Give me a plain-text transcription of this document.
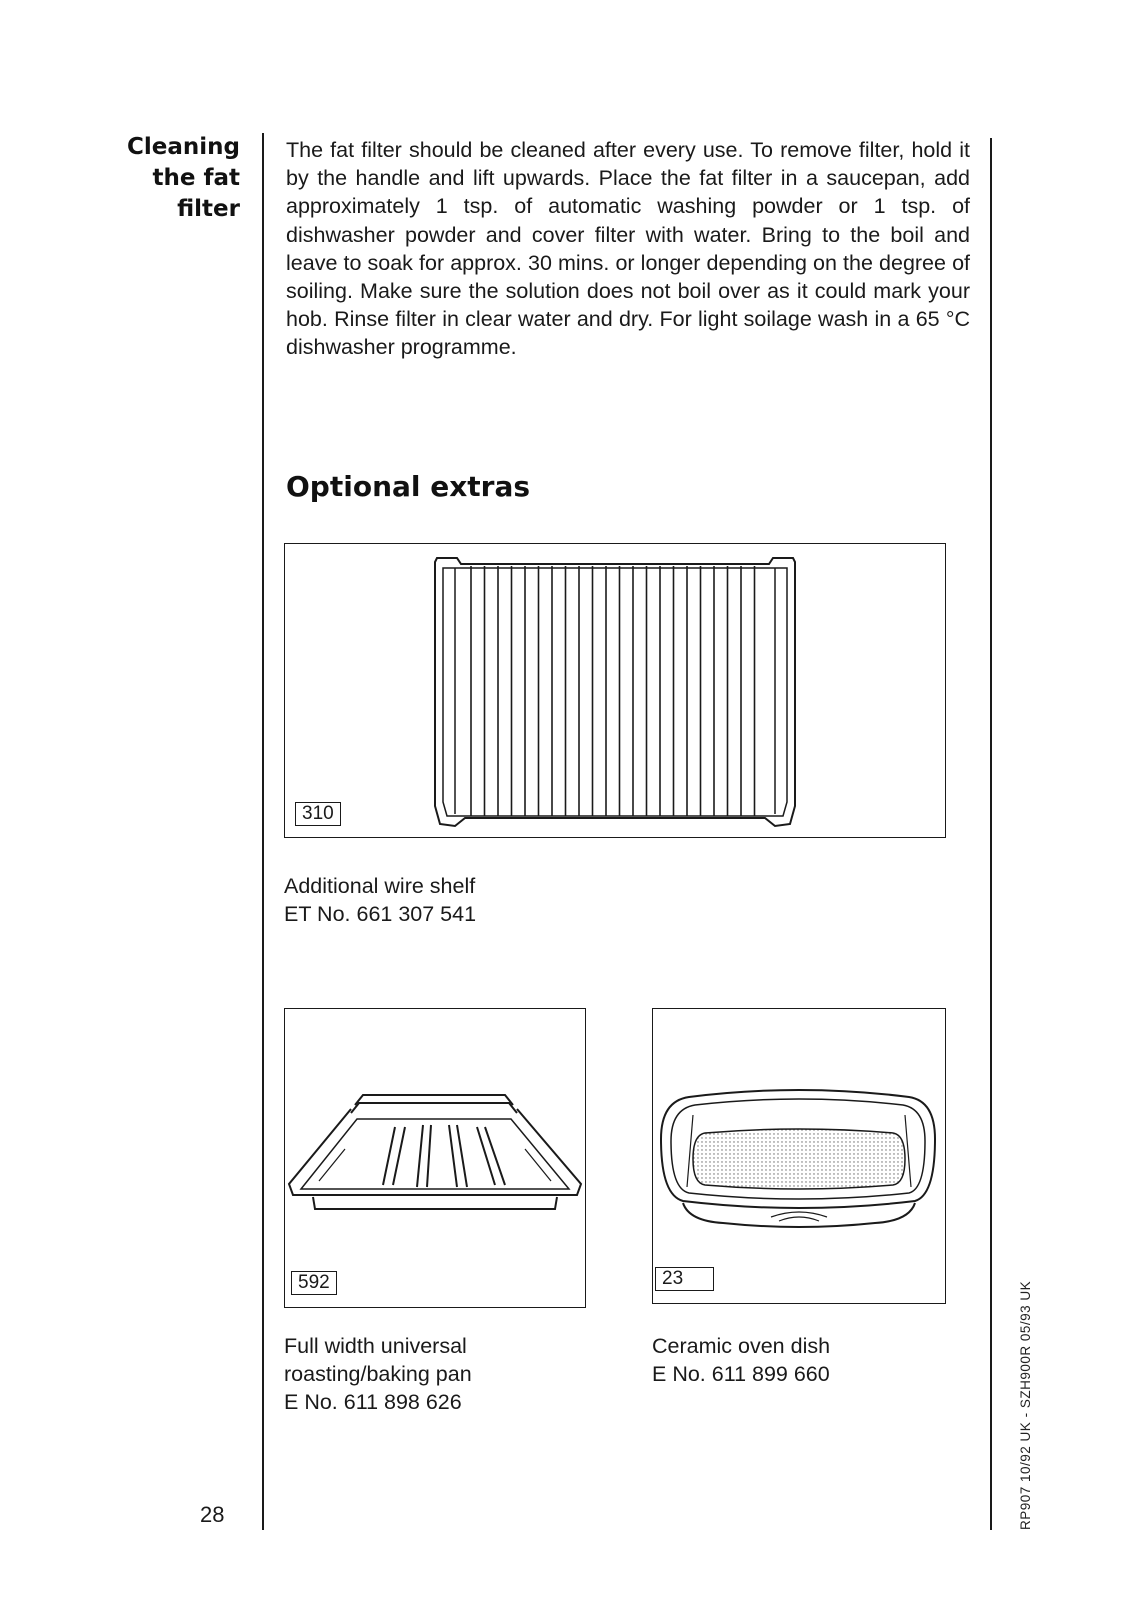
Cleaning
the fat
filter

The fat filter should be cleaned after every use. To remove filter, hold it by the handle and lift upwards. Place the fat filter in a saucepan, add approximately 1 tsp. of automatic washing powder or 1 tsp. of dishwasher powder and cover filter with water. Bring to the boil and leave to soak for approx. 30 mins. or longer depending on the degree of soiling. Make sure the solution does not boil over as it could mark your hob. Rinse filter in clear water and dry. For light soilage wash in a 65 °C dishwasher programme.

Optional extras
310
Additional wire shelf
ET No. 661 307 541
592
Full width universal
roasting/baking pan
E No. 611 898 626
23
Ceramic oven dish
E No. 611 899 660
28	RP907 10/92 UK - SZH900R 05/93 UK
